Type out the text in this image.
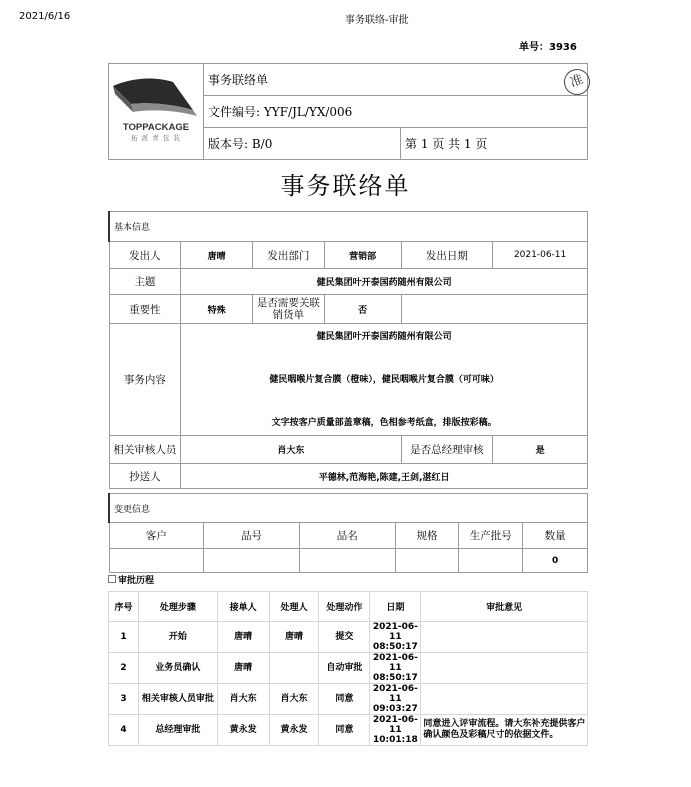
2021/6/16	事务联络-审批
单号：3936
TOPPACKAGE
拓 派 青 包 装	事务联络单	
	文件编号: YYF/JL/YX/006	
	版本号: B/0	第 1 页 共 1 页
准
事务联络单
基本信息					
发出人	唐晴	发出部门	营销部	发出日期	2021-06-11
主题	健民集团叶开泰国药随州有限公司				
重要性	特殊	是否需要关联销货单	否		
事务内容	健民集团叶开泰国药随州有限公司
健民咽喉片复合膜（橙味），健民咽喉片复合膜（可可味）
文字按客户质量部盖章稿，色相参考纸盒，排版按彩稿。				

相关审核人员	肖大东			是否总经理审核	是
抄送人	平德林,范海艳,陈建,王剑,湛红日				
变更信息					
客户	品号	品名	规格	生产批号	数量
					0
审批历程
序号	处理步骤	接单人	处理人	处理动作	日期	审批意见
1	开始	唐晴	唐晴	提交	2021-06-11
08:50:17	

2	业务员确认	唐晴		自动审批	2021-06-11
08:50:17	

3	相关审核人员审批	肖大东	肖大东	同意	2021-06-11
09:03:27	

4	总经理审批	黄永发	黄永发	同意	2021-06-11
10:01:18	同意进入评审流程。请大东补充提供客户确认颜色及彩稿尺寸的依据文件。
